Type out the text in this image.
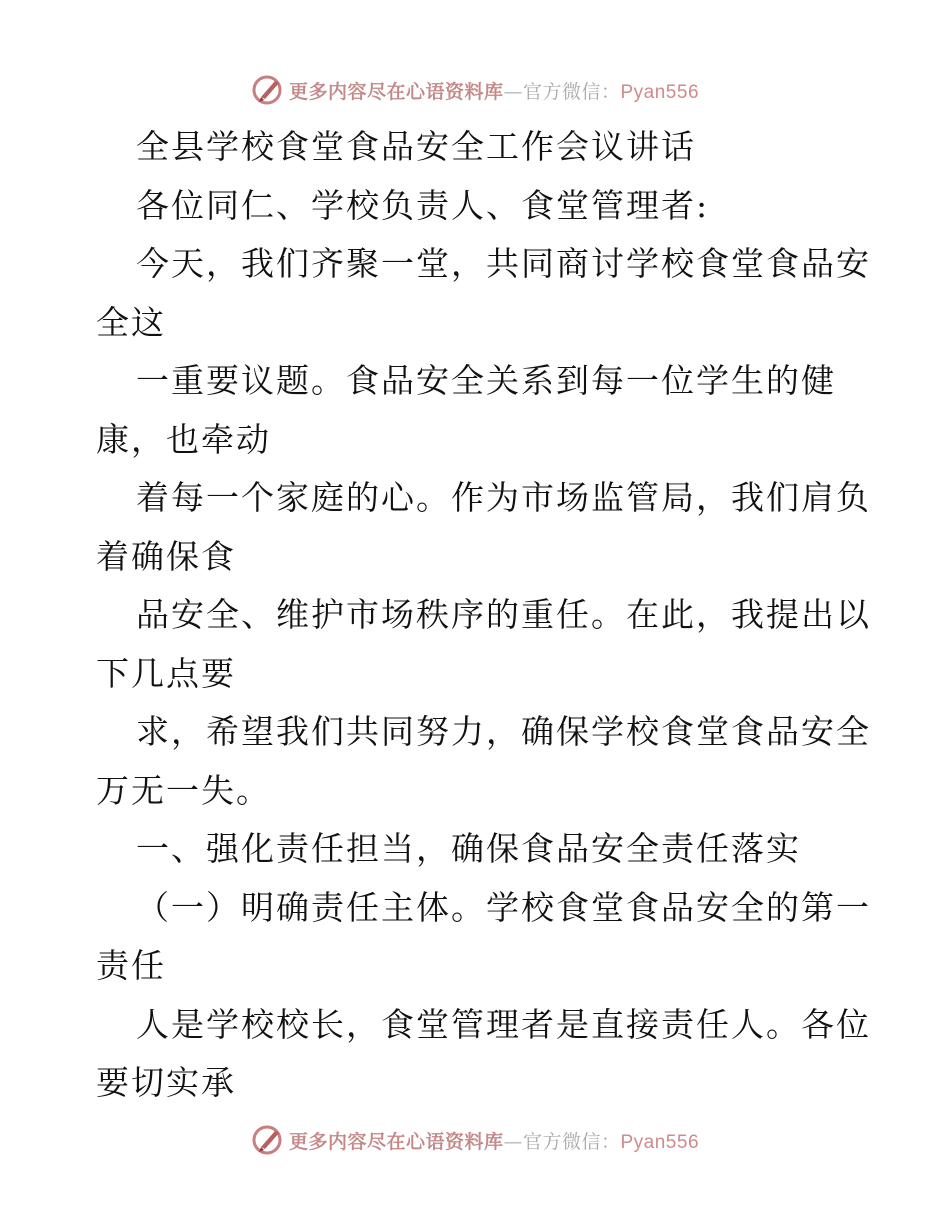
更多内容尽在心语资料库—官方微信：Pyan556
全县学校食堂食品安全工作会议讲话
各位同仁、学校负责人、食堂管理者:
今天，我们齐聚一堂，共同商讨学校食堂食品安
全这
一重要议题。食品安全关系到每一位学生的健
康，也牵动
着每一个家庭的心。作为市场监管局，我们肩负
着确保食
品安全、维护市场秩序的重任。在此，我提出以
下几点要
求，希望我们共同努力，确保学校食堂食品安全
万无一失。
一、强化责任担当，确保食品安全责任落实
（一）明确责任主体。学校食堂食品安全的第一
责任
人是学校校长，食堂管理者是直接责任人。各位
要切实承
更多内容尽在心语资料库—官方微信：Pyan556
